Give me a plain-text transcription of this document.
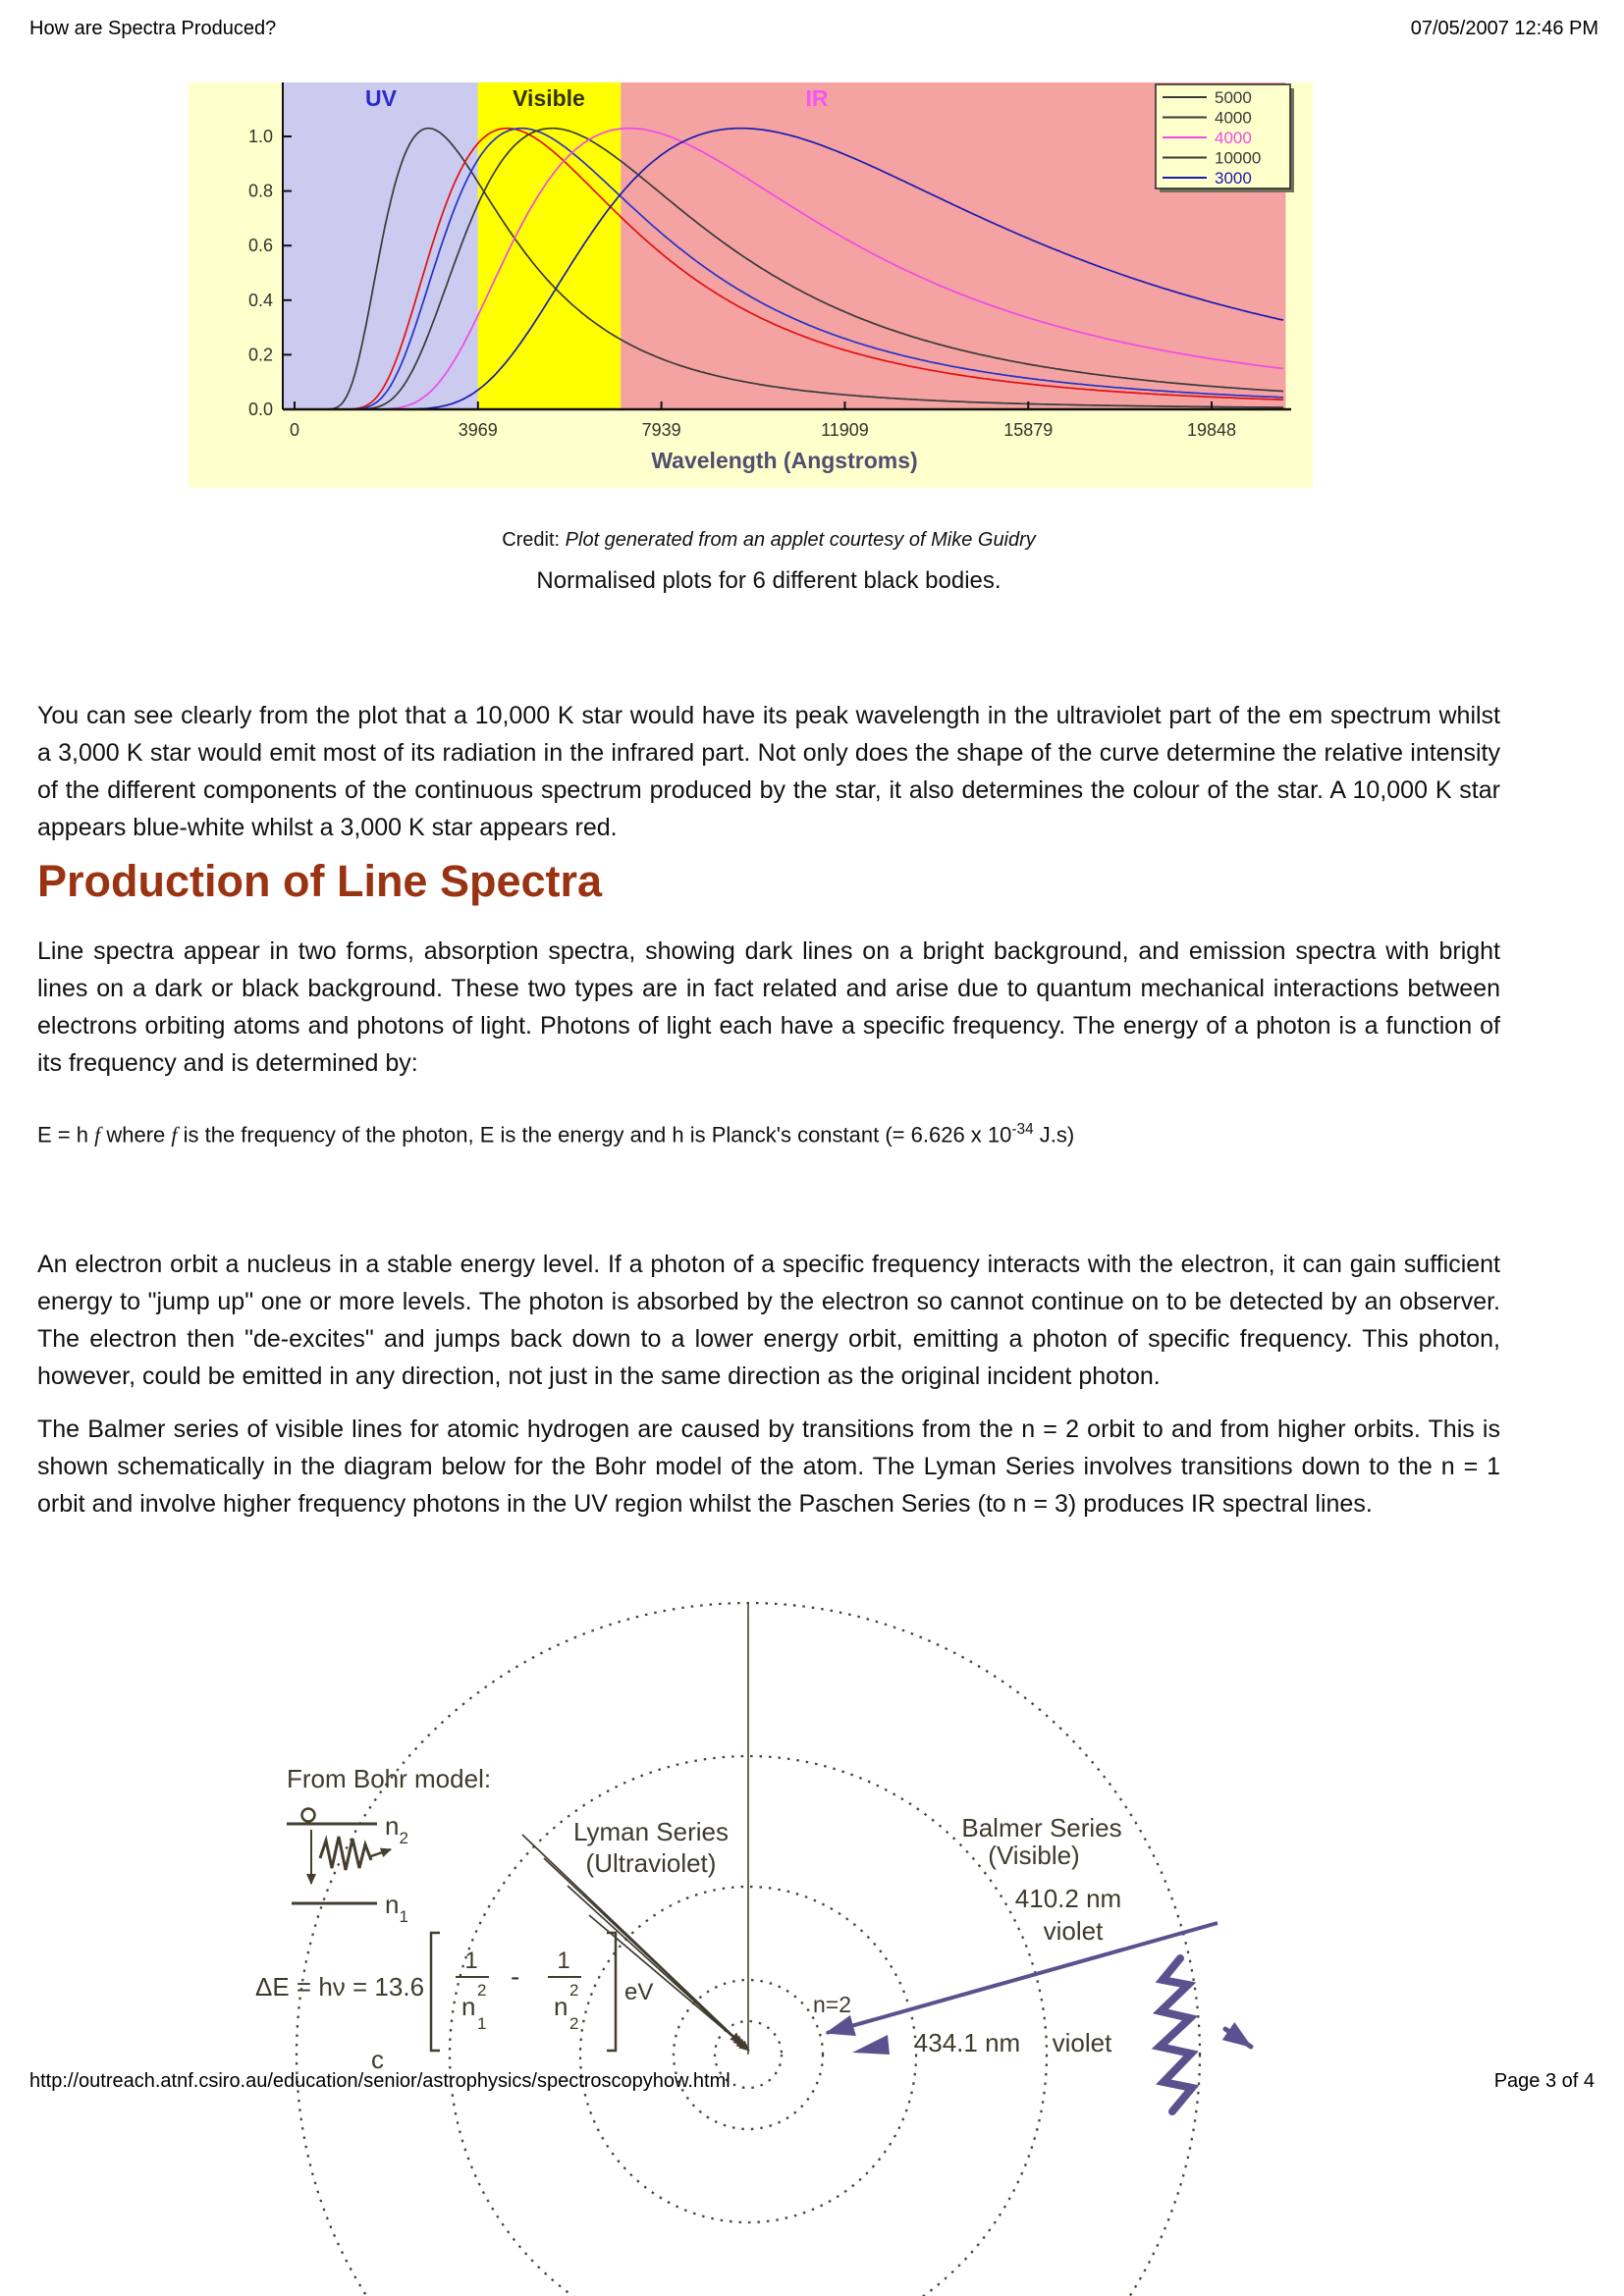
How are Spectra Produced?	07/05/2007 12:46 PM
UV	Visible	IR
1.0
0.8
0.6
0.4
0.2
0.0
0	3969	7939	11909	15879	19848
Wavelength (Angstroms)
5000
4000
4000
10000
3000

Credit: Plot generated from an applet courtesy of Mike Guidry

Normalised plots for 6 different black bodies.

You can see clearly from the plot that a 10,000 K star would have its peak wavelength in the ultraviolet part of the em spectrum whilst a 3,000 K star would emit most of its radiation in the infrared part. Not only does the shape of the curve determine the relative intensity of the different components of the continuous spectrum produced by the star, it also determines the colour of the star. A 10,000 K star appears blue-white whilst a 3,000 K star appears red.

Production of Line Spectra

Line spectra appear in two forms, absorption spectra, showing dark lines on a bright background, and emission spectra with bright lines on a dark or black background. These two types are in fact related and arise due to quantum mechanical interactions between electrons orbiting atoms and photons of light. Photons of light each have a specific frequency. The energy of a photon is a function of its frequency and is determined by:

E = h f where f is the frequency of the photon, E is the energy and h is Planck's constant (= 6.626 x $10^{-34}$ J.s)

An electron orbit a nucleus in a stable energy level. If a photon of a specific frequency interacts with the electron, it can gain sufficient energy to "jump up" one or more levels. The photon is absorbed by the electron so cannot continue on to be detected by an observer. The electron then "de-excites" and jumps back down to a lower energy orbit, emitting a photon of specific frequency. This photon, however, could be emitted in any direction, not just in the same direction as the original incident photon.

The Balmer series of visible lines for atomic hydrogen are caused by transitions from the n = 2 orbit to and from higher orbits. This is shown schematically in the diagram below for the Bohr model of the atom. The Lyman Series involves transitions down to the n = 1 orbit and involve higher frequency photons in the UV region whilst the Paschen Series (to n = 3) produces IR spectral lines.

From Bohr model:
$n_2$
$n_1$
ΔE = hν = 13.6
1
n
2
1
-
1
n
2
2
eV
c
Lyman Series
(Ultraviolet)
Balmer Series
(Visible)
n=2
410.2 nm
violet
434.1 nm violet
http://outreach.atnf.csiro.au/education/senior/astrophysics/spectroscopyhow.html	Page 3 of 4
